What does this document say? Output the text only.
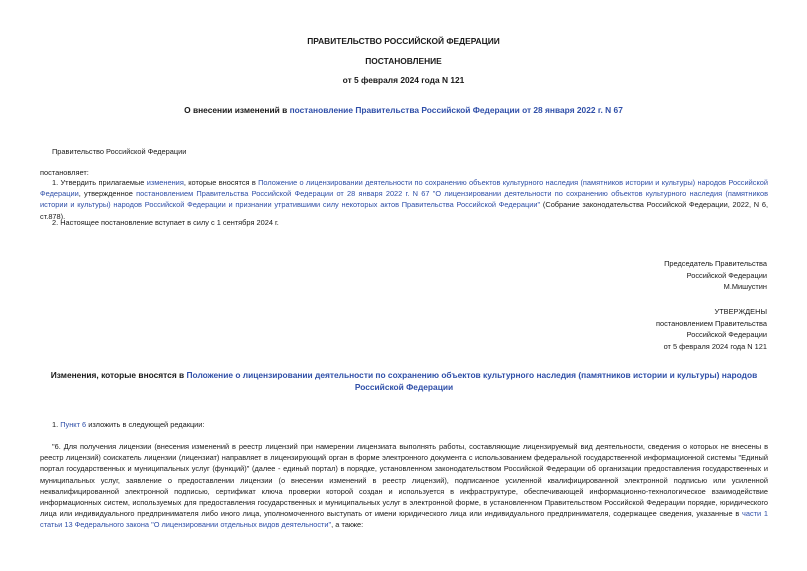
ПРАВИТЕЛЬСТВО РОССИЙСКОЙ ФЕДЕРАЦИИ
ПОСТАНОВЛЕНИЕ
от 5 февраля 2024 года N 121
О внесении изменений в постановление Правительства Российской Федерации от 28 января 2022 г. N 67
Правительство Российской Федерации
постановляет:
1. Утвердить прилагаемые изменения, которые вносятся в Положение о лицензировании деятельности по сохранению объектов культурного наследия (памятников истории и культуры) народов Российской Федерации, утвержденное постановлением Правительства Российской Федерации от 28 января 2022 г. N 67 "О лицензировании деятельности по сохранению объектов культурного наследия (памятников истории и культуры) народов Российской Федерации и признании утратившими силу некоторых актов Правительства Российской Федерации" (Собрание законодательства Российской Федерации, 2022, N 6, ст.878).
2. Настоящее постановление вступает в силу с 1 сентября 2024 г.
Председатель Правительства
Российской Федерации
М.Мишустин
УТВЕРЖДЕНЫ
постановлением Правительства
Российской Федерации
от 5 февраля 2024 года N 121
Изменения, которые вносятся в Положение о лицензировании деятельности по сохранению объектов культурного наследия (памятников истории и культуры) народов Российской Федерации
1. Пункт 6 изложить в следующей редакции:
"6. Для получения лицензии (внесения изменений в реестр лицензий при намерении лицензиата выполнять работы, составляющие лицензируемый вид деятельности, сведения о которых не внесены в реестр лицензий) соискатель лицензии (лицензиат) направляет в лицензирующий орган в форме электронного документа с использованием федеральной государственной информационной системы "Единый портал государственных и муниципальных услуг (функций)" (далее - единый портал) в порядке, установленном законодательством Российской Федерации об организации предоставления государственных и муниципальных услуг, заявление о предоставлении лицензии (о внесении изменений в реестр лицензий), подписанное усиленной квалифицированной электронной подписью или усиленной неквалифицированной электронной подписью, сертификат ключа проверки которой создан и используется в инфраструктуре, обеспечивающей информационно-технологическое взаимодействие информационных систем, используемых для предоставления государственных и муниципальных услуг в электронной форме, в установленном Правительством Российской Федерации порядке, юридического лица или индивидуального предпринимателя либо иного лица, уполномоченного выступать от имени юридического лица или индивидуального предпринимателя, содержащее сведения, указанные в части 1 статьи 13 Федерального закона "О лицензировании отдельных видов деятельности", а также:
